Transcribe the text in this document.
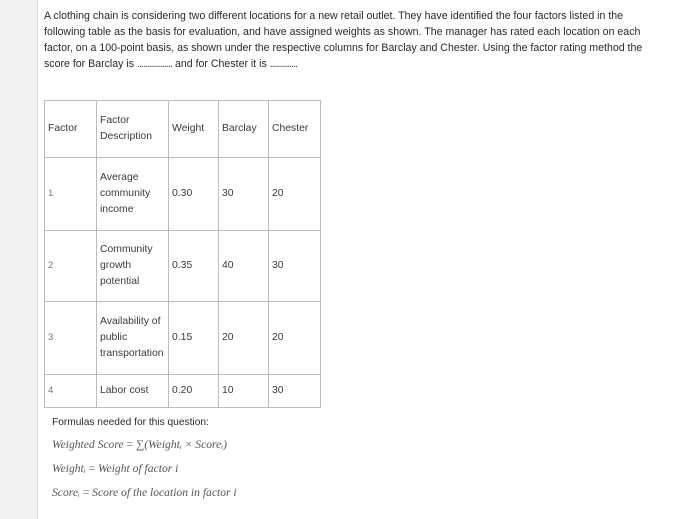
A clothing chain is considering two different locations for a new retail outlet. They have identified the four factors listed in the following table as the basis for evaluation, and have assigned weights as shown. The manager has rated each location on each factor, on a 100-point basis, as shown under the respective columns for Barclay and Chester. Using the factor rating method the score for Barclay is .................. and for Chester it is ..............

Factor	Factor Description	Weight	Barclay	Chester
1	Average community income	0.30	30	20
2	Community growth potential	0.35	40	30
3	Availability of public transportation	0.15	20	20
4	Labor cost	0.20	10	30
Formulas needed for this question:
Weighted Score = ∑(Weightᵢ × Scoreᵢ)
Weightᵢ = Weight of factor i
Scoreᵢ = Score of the location in factor i
